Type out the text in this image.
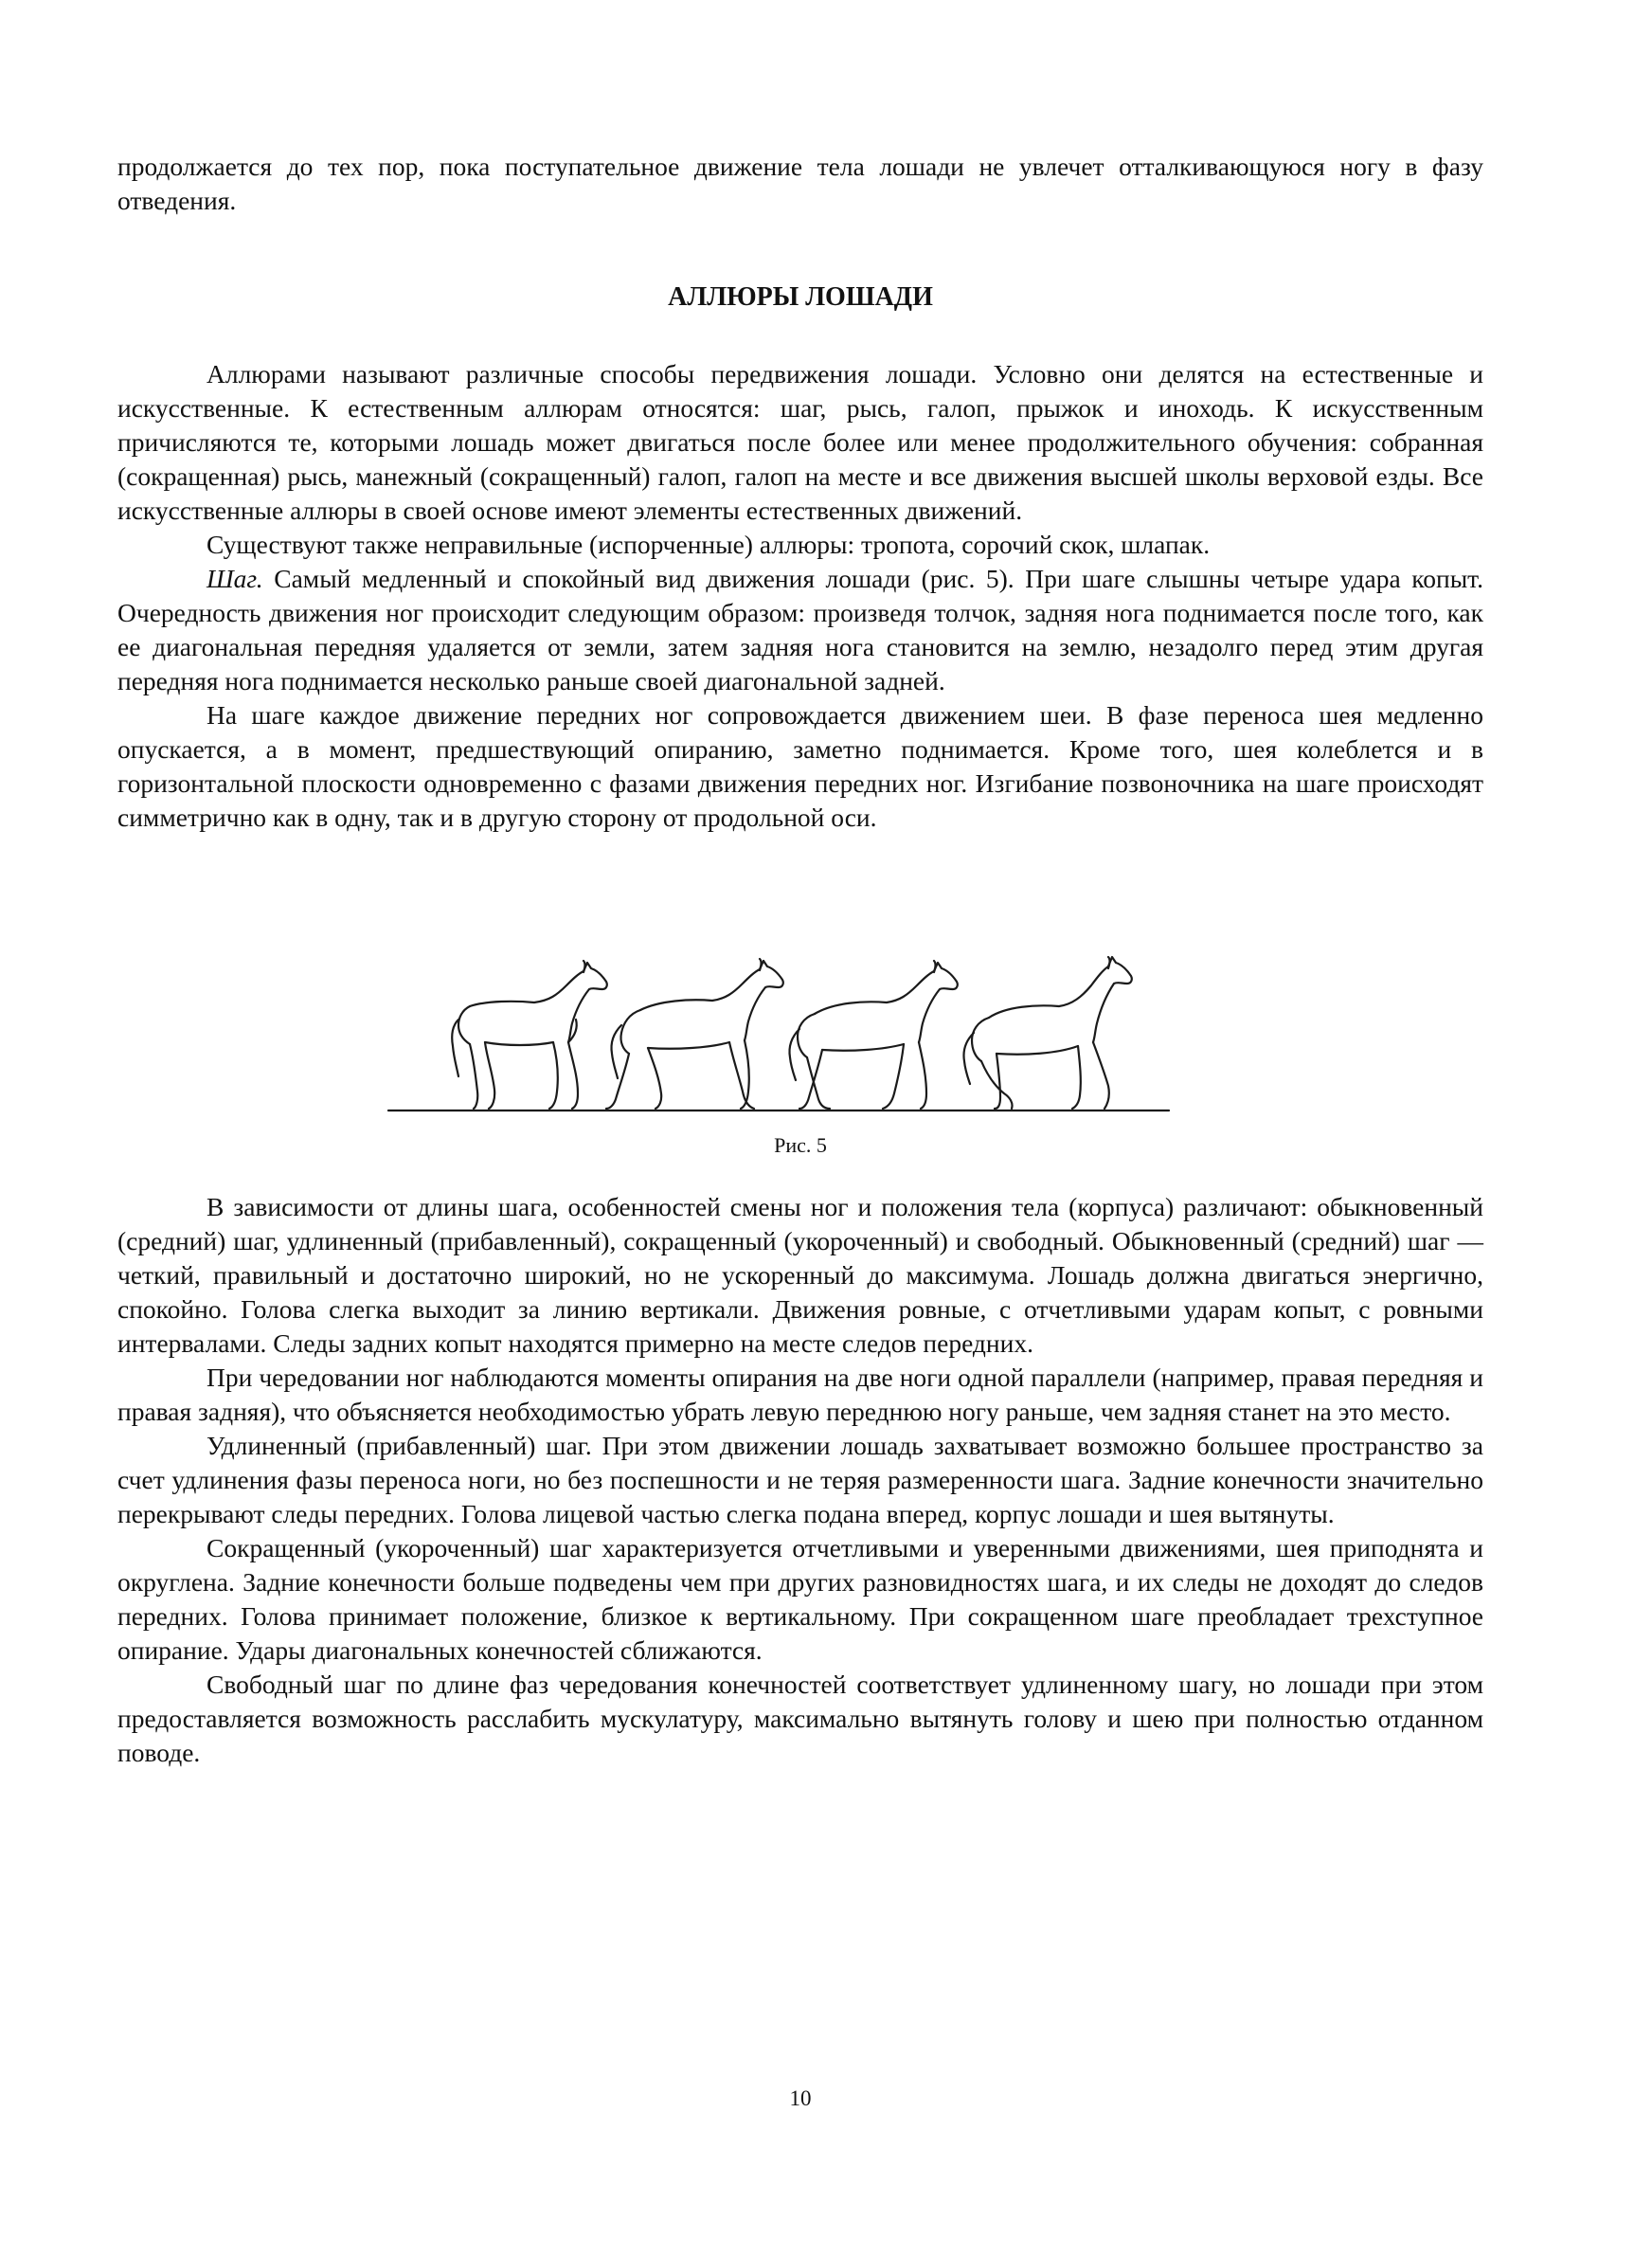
продолжается до тех пор, пока поступательное движение тела лошади не увлечет отталкивающуюся ногу в фазу отведения.

АЛЛЮРЫ ЛОШАДИ

Аллюрами называют различные способы передвижения лошади. Условно они делятся на естественные и искусственные. К естественным аллюрам относятся: шаг, рысь, галоп, прыжок и иноходь. К искусственным причисляются те, которыми лошадь может двигаться после более или менее продолжительного обучения: собранная (сокращенная) рысь, манежный (сокращенный) галоп, галоп на месте и все движения высшей школы верховой езды. Все искусственные аллюры в своей основе имеют элементы естественных движений.

Существуют также неправильные (испорченные) аллюры: тропота, сорочий скок, шлапак.

Шаг. Самый медленный и спокойный вид движения лошади (рис. 5). При шаге слышны четыре удара копыт. Очередность движения ног происходит следующим образом: произведя толчок, задняя нога поднимается после того, как ее диагональная передняя удаляется от земли, затем задняя нога становится на землю, незадолго перед этим другая передняя нога поднимается несколько раньше своей диагональной задней.

На шаге каждое движение передних ног сопровождается движением шеи. В фазе переноса шея медленно опускается, а в момент, предшествующий опиранию, заметно поднимается. Кроме того, шея колеблется и в горизонтальной плоскости одновременно с фазами движения передних ног. Изгибание позвоночника на шаге происходят симметрично как в одну, так и в другую сторону от продольной оси.

Рис. 5

В зависимости от длины шага, особенностей смены ног и положения тела (корпуса) различают: обыкновенный (средний) шаг, удлиненный (прибавленный), сокращенный (укороченный) и свободный. Обыкновенный (средний) шаг — четкий, правильный и достаточно широкий, но не ускоренный до максимума. Лошадь должна двигаться энергично, спокойно. Голова слегка выходит за линию вертикали. Движения ровные, с отчетливыми ударам копыт, с ровными интервалами. Следы задних копыт находятся примерно на месте следов передних.

При чередовании ног наблюдаются моменты опирания на две ноги одной параллели (например, правая передняя и правая задняя), что объясняется необходимостью убрать левую переднюю ногу раньше, чем задняя станет на это место.

Удлиненный (прибавленный) шаг. При этом движении лошадь захватывает возможно большее пространство за счет удлинения фазы переноса ноги, но без поспешности и не теряя размеренности шага. Задние конечности значительно перекрывают следы передних. Голова лицевой частью слегка подана вперед, корпус лошади и шея вытянуты.

Сокращенный (укороченный) шаг характеризуется отчетливыми и уверенными движениями, шея приподнята и округлена. Задние конечности больше подведены чем при других разновидностях шага, и их следы не доходят до следов передних. Голова принимает положение, близкое к вертикальному. При сокращенном шаге преобладает трехступное опирание. Удары диагональных конечностей сближаются.

Свободный шаг по длине фаз чередования конечностей соответствует удлиненному шагу, но лошади при этом предоставляется возможность расслабить мускулатуру, максимально вытянуть голову и шею при полностью отданном поводе.

10
